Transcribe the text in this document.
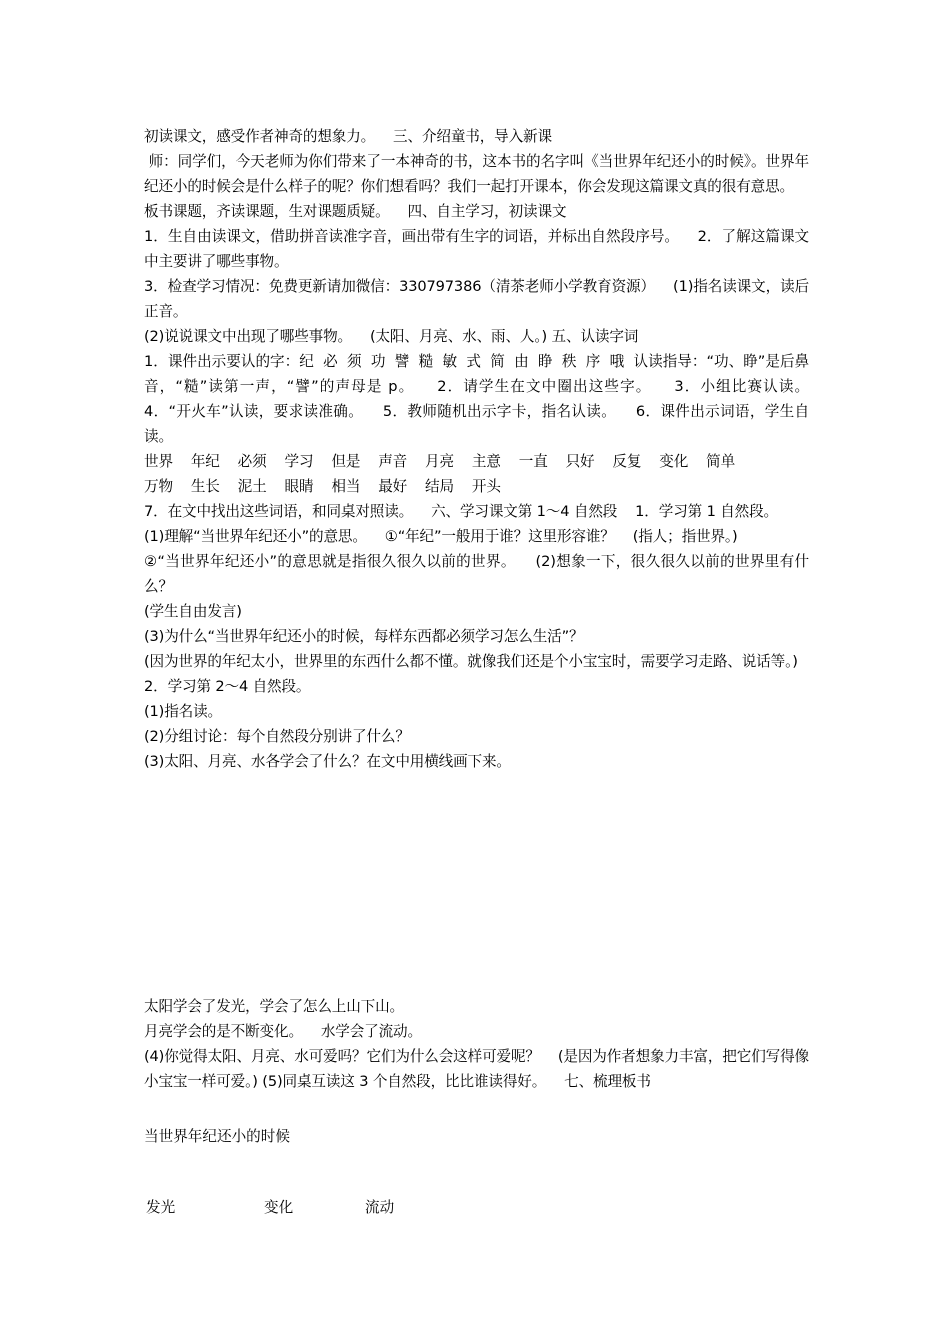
初读课文，感受作者神奇的想象力。    三、介绍童书，导入新课

师：同学们，今天老师为你们带来了一本神奇的书，这本书的名字叫《当世界年纪还小的时候》。世界年纪还小的时候会是什么样子的呢？你们想看吗？我们一起打开课本，你会发现这篇课文真的很有意思。

板书课题，齐读课题，生对课题质疑。    四、自主学习，初读课文

1．生自由读课文，借助拼音读准字音，画出带有生字的词语，并标出自然段序号。    2．了解这篇课文中主要讲了哪些事物。

3．检查学习情况：免费更新请加微信：330797386（清茶老师小学教育资源）    (1)指名读课文，读后正音。

(2)说说课文中出现了哪些事物。    (太阳、月亮、水、雨、人。) 五、认读字词

1．课件出示要认的字：纪  必  须  功  譬  糙  敏  式  简  由  睁  秩  序  哦  认读指导：“功、睁”是后鼻音，“糙”读第一声，“譬”的声母是 p。    2．请学生在文中圈出这些字。    3．小组比赛认读。    4．“开火车”认读，要求读准确。    5．教师随机出示字卡，指名认读。    6．课件出示词语，学生自读。

世界    年纪    必须    学习    但是    声音    月亮    主意    一直    只好    反复    变化    简单

万物    生长    泥土    眼睛    相当    最好    结局    开头

7．在文中找出这些词语，和同桌对照读。    六、学习课文第 1～4 自然段    1．学习第 1 自然段。

(1)理解“当世界年纪还小”的意思。    ①“年纪”一般用于谁？这里形容谁？    (指人；指世界。)

②“当世界年纪还小”的意思就是指很久很久以前的世界。    (2)想象一下，很久很久以前的世界里有什么？

(学生自由发言)

(3)为什么“当世界年纪还小的时候，每样东西都必须学习怎么生活”？

(因为世界的年纪太小，世界里的东西什么都不懂。就像我们还是个小宝宝时，需要学习走路、说话等。)

2．学习第 2～4 自然段。

(1)指名读。

(2)分组讨论：每个自然段分别讲了什么？

(3)太阳、月亮、水各学会了什么？在文中用横线画下来。

太阳学会了发光，学会了怎么上山下山。

月亮学会的是不断变化。    水学会了流动。

(4)你觉得太阳、月亮、水可爱吗？它们为什么会这样可爱呢？    (是因为作者想象力丰富，把它们写得像小宝宝一样可爱。) (5)同桌互读这 3 个自然段，比比谁读得好。    七、梳理板书

当世界年纪还小的时候
发光	变化	流动
